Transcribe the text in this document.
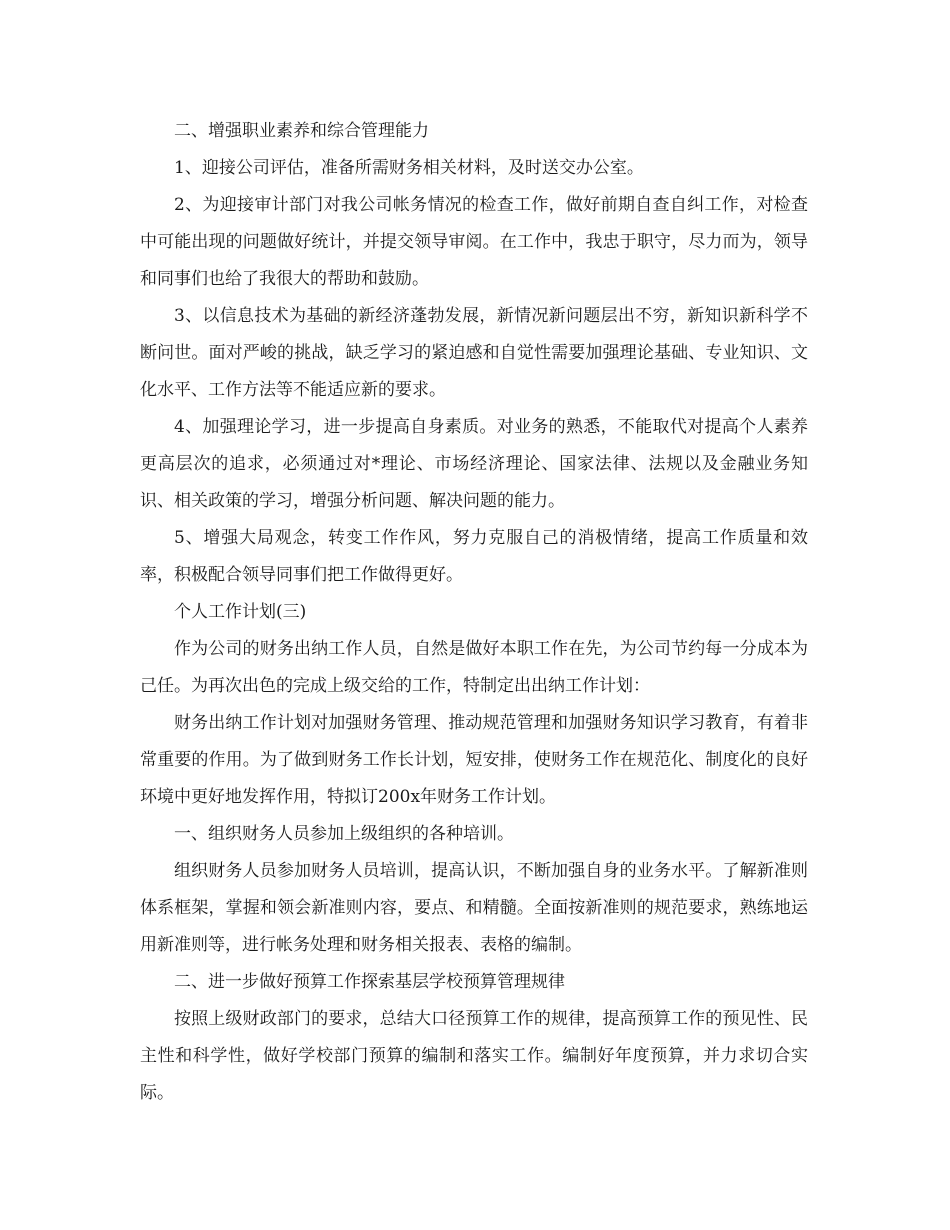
二、增强职业素养和综合管理能力

1、迎接公司评估，准备所需财务相关材料，及时送交办公室。

2、为迎接审计部门对我公司帐务情况的检查工作，做好前期自查自纠工作，对检查中可能出现的问题做好统计，并提交领导审阅。在工作中，我忠于职守，尽力而为，领导和同事们也给了我很大的帮助和鼓励。

3、以信息技术为基础的新经济蓬勃发展，新情况新问题层出不穷，新知识新科学不断问世。面对严峻的挑战，缺乏学习的紧迫感和自觉性需要加强理论基础、专业知识、文化水平、工作方法等不能适应新的要求。

4、加强理论学习，进一步提高自身素质。对业务的熟悉，不能取代对提高个人素养更高层次的追求，必须通过对*理论、市场经济理论、国家法律、法规以及金融业务知识、相关政策的学习，增强分析问题、解决问题的能力。

5、增强大局观念，转变工作作风，努力克服自己的消极情绪，提高工作质量和效率，积极配合领导同事们把工作做得更好。

个人工作计划(三)

作为公司的财务出纳工作人员，自然是做好本职工作在先，为公司节约每一分成本为己任。为再次出色的完成上级交给的工作，特制定出出纳工作计划：

财务出纳工作计划对加强财务管理、推动规范管理和加强财务知识学习教育，有着非常重要的作用。为了做到财务工作长计划，短安排，使财务工作在规范化、制度化的良好环境中更好地发挥作用，特拟订200x年财务工作计划。

一、组织财务人员参加上级组织的各种培训。

组织财务人员参加财务人员培训，提高认识，不断加强自身的业务水平。了解新准则体系框架，掌握和领会新准则内容，要点、和精髓。全面按新准则的规范要求，熟练地运用新准则等，进行帐务处理和财务相关报表、表格的编制。

二、进一步做好预算工作探索基层学校预算管理规律

按照上级财政部门的要求，总结大口径预算工作的规律，提高预算工作的预见性、民主性和科学性，做好学校部门预算的编制和落实工作。编制好年度预算，并力求切合实际。
